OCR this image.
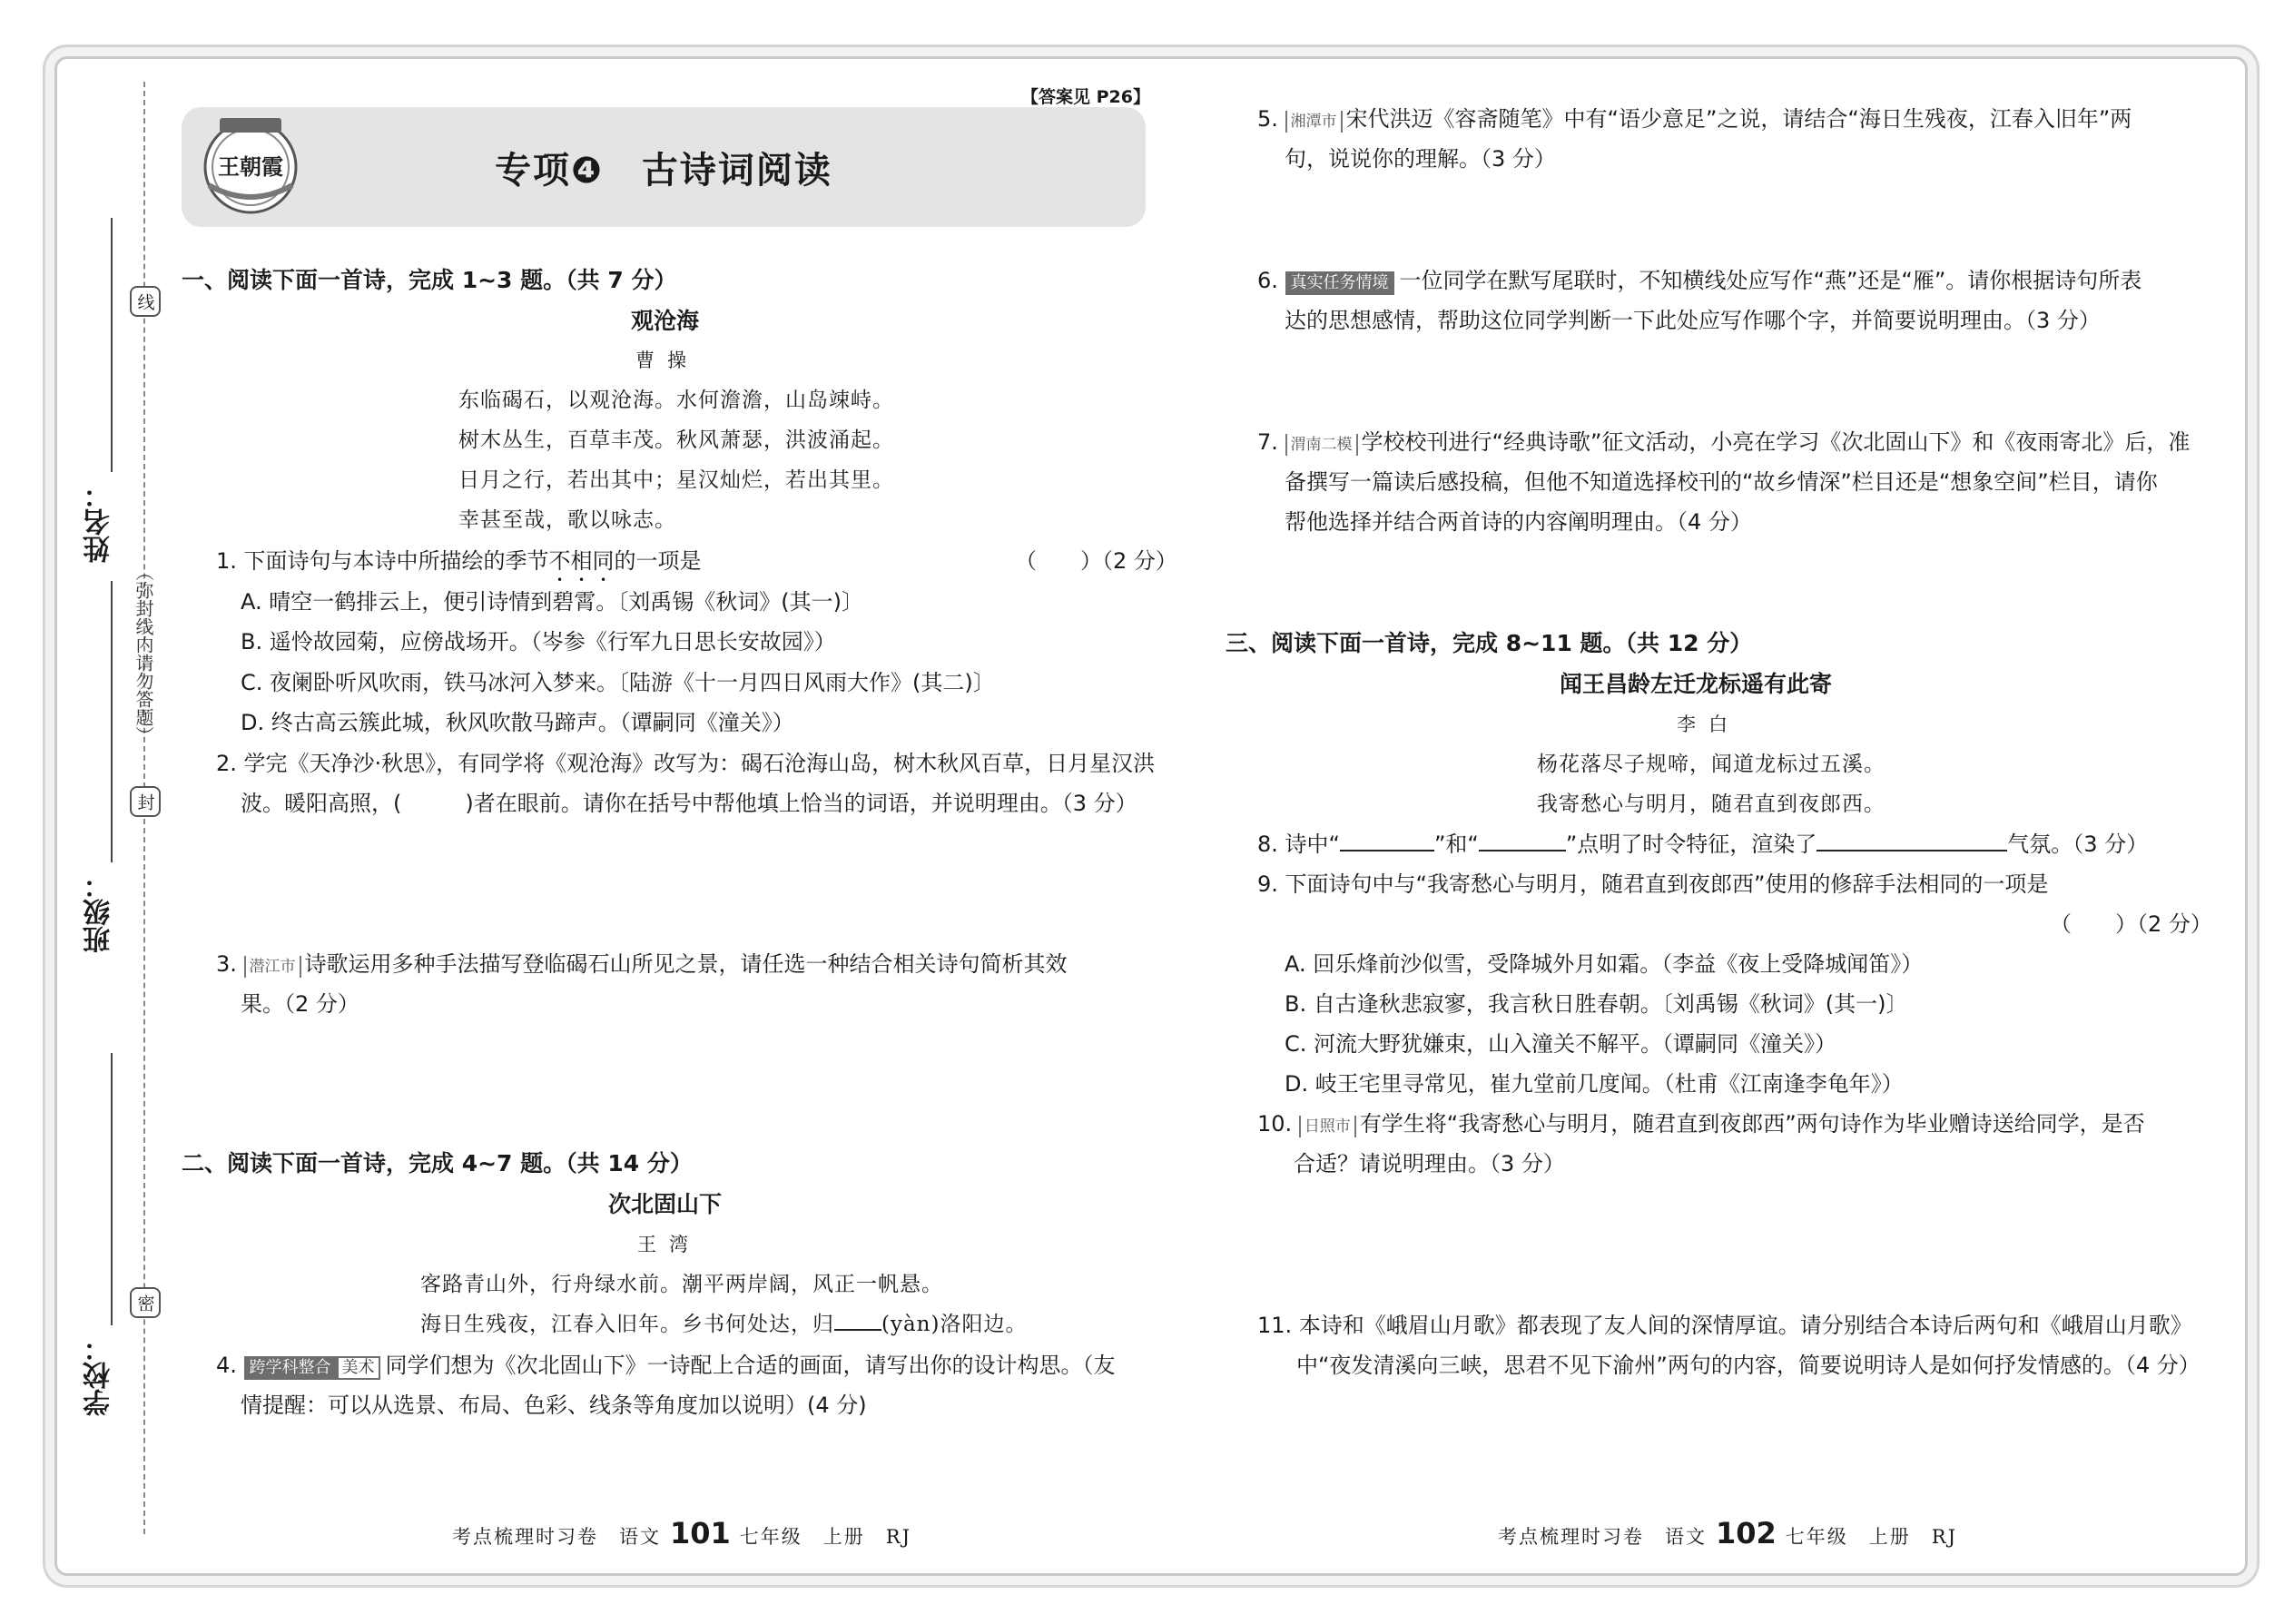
姓名：
班级：
学校：
线
封
密
（弥封线内请勿答题）
【答案见 P26】
王朝霞	专项❹　古诗词阅读
一、阅读下面一首诗，完成 1~3 题。（共 7 分）
观沧海
曹操
东临碣石，以观沧海。水何澹澹，山岛竦峙。
树木丛生，百草丰茂。秋风萧瑟，洪波涌起。
日月之行，若出其中；星汉灿烂，若出其里。
幸甚至哉，歌以咏志。
1. 下面诗句与本诗中所描绘的季节不相同的一项是	（　　）（2 分）
A. 晴空一鹤排云上，便引诗情到碧霄。〔刘禹锡《秋词》(其一)〕
B. 遥怜故园菊，应傍战场开。（岑参《行军九日思长安故园》）
C. 夜阑卧听风吹雨，铁马冰河入梦来。〔陆游《十一月四日风雨大作》(其二)〕
D. 终古高云簇此城，秋风吹散马蹄声。（谭嗣同《潼关》）
2. 学完《天净沙·秋思》，有同学将《观沧海》改写为：碣石沧海山岛，树木秋风百草，日月星汉洪
波。暖阳高照，(	)者在眼前。请你在括号中帮他填上恰当的词语，并说明理由。（3 分）
3. 潜江市 诗歌运用多种手法描写登临碣石山所见之景，请任选一种结合相关诗句简析其效
果。（2 分）
二、阅读下面一首诗，完成 4~7 题。（共 14 分）
次北固山下
王湾
客路青山外，行舟绿水前。潮平两岸阔，风正一帆悬。
海日生残夜，江春入旧年。乡书何处达，归 (yàn)洛阳边。
4. 跨学科整合 美术 同学们想为《次北固山下》一诗配上合适的画面，请写出你的设计构思。（友
情提醒：可以从选景、布局、色彩、线条等角度加以说明）(4 分)
考点梳理时习卷　语文 101 七年级　上册　RJ
5. 湘潭市 宋代洪迈《容斋随笔》中有“语少意足”之说，请结合“海日生残夜，江春入旧年”两
句，说说你的理解。（3 分）
6. 真实任务情境 一位同学在默写尾联时，不知横线处应写作“燕”还是“雁”。请你根据诗句所表
达的思想感情，帮助这位同学判断一下此处应写作哪个字，并简要说明理由。（3 分）
7. 渭南二模 学校校刊进行“经典诗歌”征文活动，小亮在学习《次北固山下》和《夜雨寄北》后，准
备撰写一篇读后感投稿，但他不知道选择校刊的“故乡情深”栏目还是“想象空间”栏目，请你
帮他选择并结合两首诗的内容阐明理由。（4 分）
三、阅读下面一首诗，完成 8~11 题。（共 12 分）
闻王昌龄左迁龙标遥有此寄
李白
杨花落尽子规啼，闻道龙标过五溪。
我寄愁心与明月，随君直到夜郎西。
8. 诗中“	”和“	”点明了时令特征，渲染了	气氛。（3 分）
9. 下面诗句中与“我寄愁心与明月，随君直到夜郎西”使用的修辞手法相同的一项是
（　　）（2 分）
A. 回乐烽前沙似雪，受降城外月如霜。（李益《夜上受降城闻笛》）
B. 自古逢秋悲寂寥，我言秋日胜春朝。〔刘禹锡《秋词》(其一)〕
C. 河流大野犹嫌束，山入潼关不解平。（谭嗣同《潼关》）
D. 岐王宅里寻常见，崔九堂前几度闻。（杜甫《江南逢李龟年》）
10. 日照市 有学生将“我寄愁心与明月，随君直到夜郎西”两句诗作为毕业赠诗送给同学，是否
合适？请说明理由。（3 分）
11. 本诗和《峨眉山月歌》都表现了友人间的深情厚谊。请分别结合本诗后两句和《峨眉山月歌》
中“夜发清溪向三峡，思君不见下渝州”两句的内容，简要说明诗人是如何抒发情感的。（4 分）
考点梳理时习卷　语文 102 七年级　上册　RJ
